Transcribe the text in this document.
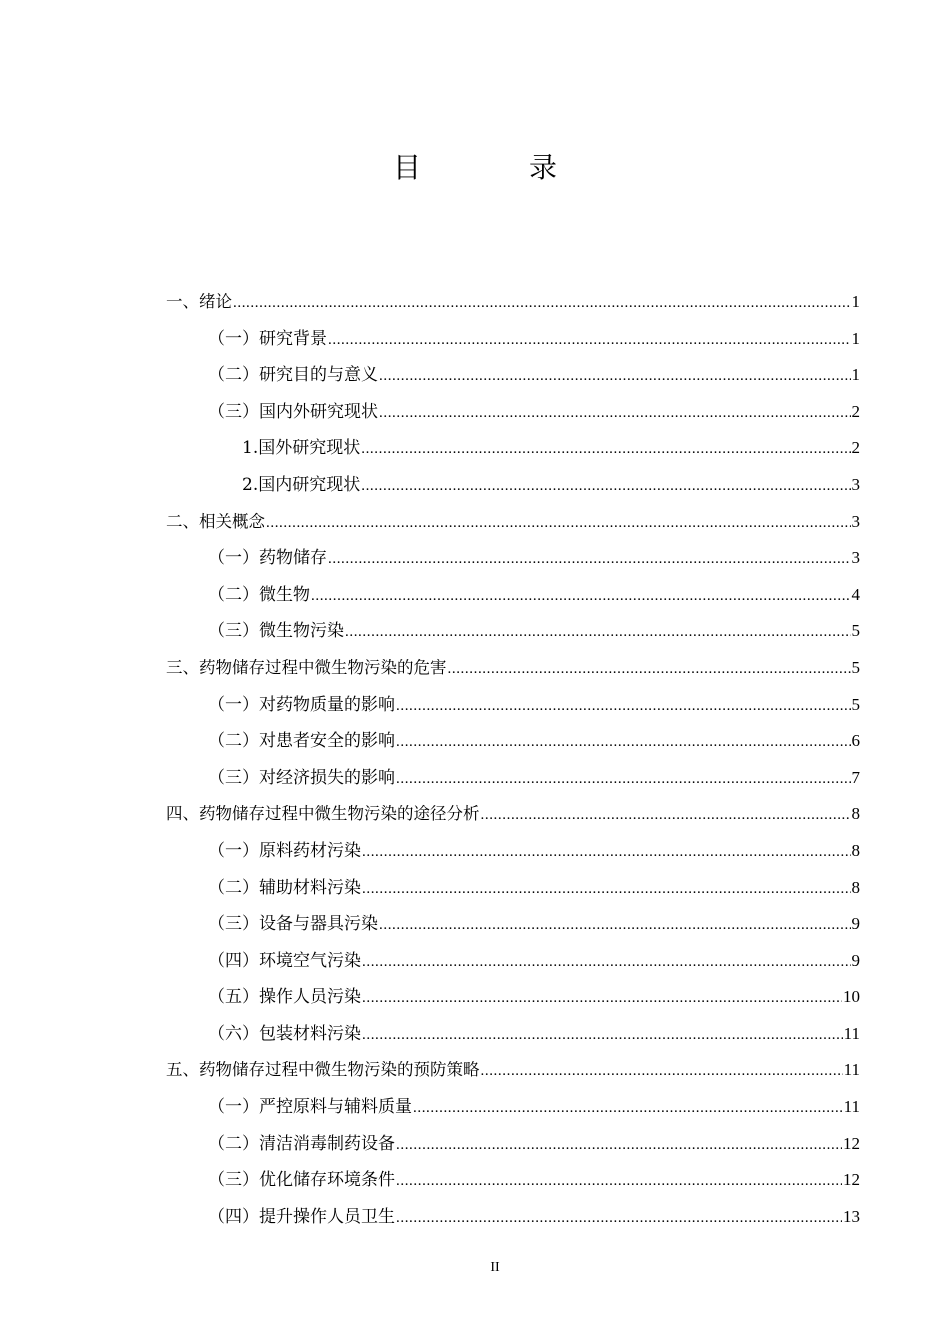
目　录
一、绪论 .....	1
（一）研究背景 .....	1
（二）研究目的与意义 .....	1
（三）国内外研究现状 .....	2
1.国外研究现状 .....	2
2.国内研究现状 .....	3
二、相关概念 .....	3
（一）药物储存 .....	3
（二）微生物 .....	4
（三）微生物污染 .....	5
三、药物储存过程中微生物污染的危害 .....	5
（一）对药物质量的影响 .....	5
（二）对患者安全的影响 .....	6
（三）对经济损失的影响 .....	7
四、药物储存过程中微生物污染的途径分析 .....	8
（一）原料药材污染 .....	8
（二）辅助材料污染 .....	8
（三）设备与器具污染 .....	9
（四）环境空气污染 .....	9
（五）操作人员污染 .....	10
（六）包装材料污染 .....	11
五、药物储存过程中微生物污染的预防策略 .....	11
（一）严控原料与辅料质量 .....	11
（二）清洁消毒制药设备 .....	12
（三）优化储存环境条件 .....	12
（四）提升操作人员卫生 .....	13
II
